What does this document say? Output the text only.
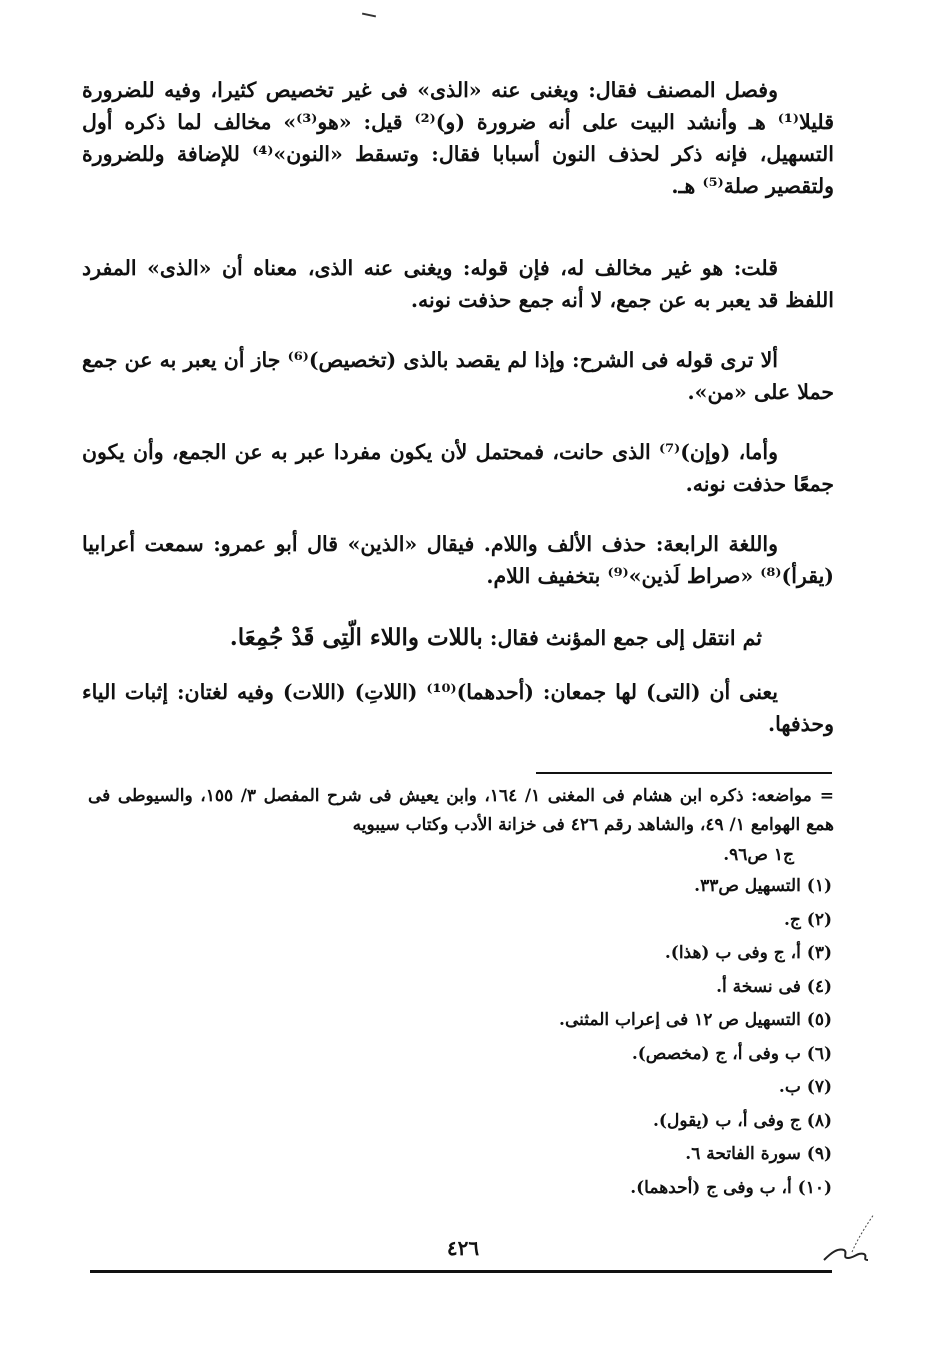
وفصل المصنف فقال: ويغنى عنه «الذى» فى غير تخصيص كثيرا، وفيه للضرورة قليلا⁽¹⁾ هـ وأنشد البيت على أنه ضرورة (و)⁽²⁾ قيل: «هو⁽³⁾» مخالف لما ذكره أول التسهيل، فإنه ذكر لحذف النون أسبابا فقال: وتسقط «النون»⁽⁴⁾ للإضافة وللضرورة ولتقصير صلة⁽⁵⁾ هـ.

قلت: هو غير مخالف له، فإن قوله: ويغنى عنه الذى، معناه أن «الذى» المفرد اللفظ قد يعبر به عن جمع، لا أنه جمع حذفت نونه.

ألا ترى قوله فى الشرح: وإذا لم يقصد بالذى (تخصيص)⁽⁶⁾ جاز أن يعبر به عن جمع حملا على «من».

وأما، (وإن)⁽⁷⁾ الذى حانت، فمحتمل لأن يكون مفردا عبر به عن الجمع، وأن يكون جمعًا حذفت نونه.

واللغة الرابعة: حذف الألف واللام. فيقال «الذين» قال أبو عمرو: سمعت أعرابيا (يقرأ)⁽⁸⁾ «صراط لَذين»⁽⁹⁾ بتخفيف اللام.

ثم انتقل إلى جمع المؤنث فقال: باللات واللاء الّتِى قَدْ جُمِعَا.

يعنى أن (التى) لها جمعان: (أحدهما)⁽¹⁰⁾ (اللاتِ) (اللات) وفيه لغتان: إثبات الياء وحذفها.

=مواضعه: ذكره ابن هشام فى المغنى ١/ ١٦٤، وابن يعيش فى شرح المفصل ٣/ ١٥٥، والسيوطى فى همع الهوامع ١/ ٤٩، والشاهد رقم ٤٢٦ فى خزانة الأدب وكتاب سيبويه

ج١ ص٩٦.

(١) التسهيل ص٣٣.

(٢) ج.

(٣) أ، ج وفى ب (هذا).

(٤) فى نسخة أ.

(٥) التسهيل ص ١٢ فى إعراب المثنى.

(٦) ب وفى أ، ج (مخصص).

(٧) ب.

(٨) ج وفى أ، ب (يقول).

(٩) سورة الفاتحة ٦.

(١٠) أ، ب وفى ج (أحدهما).

٤٢٦
